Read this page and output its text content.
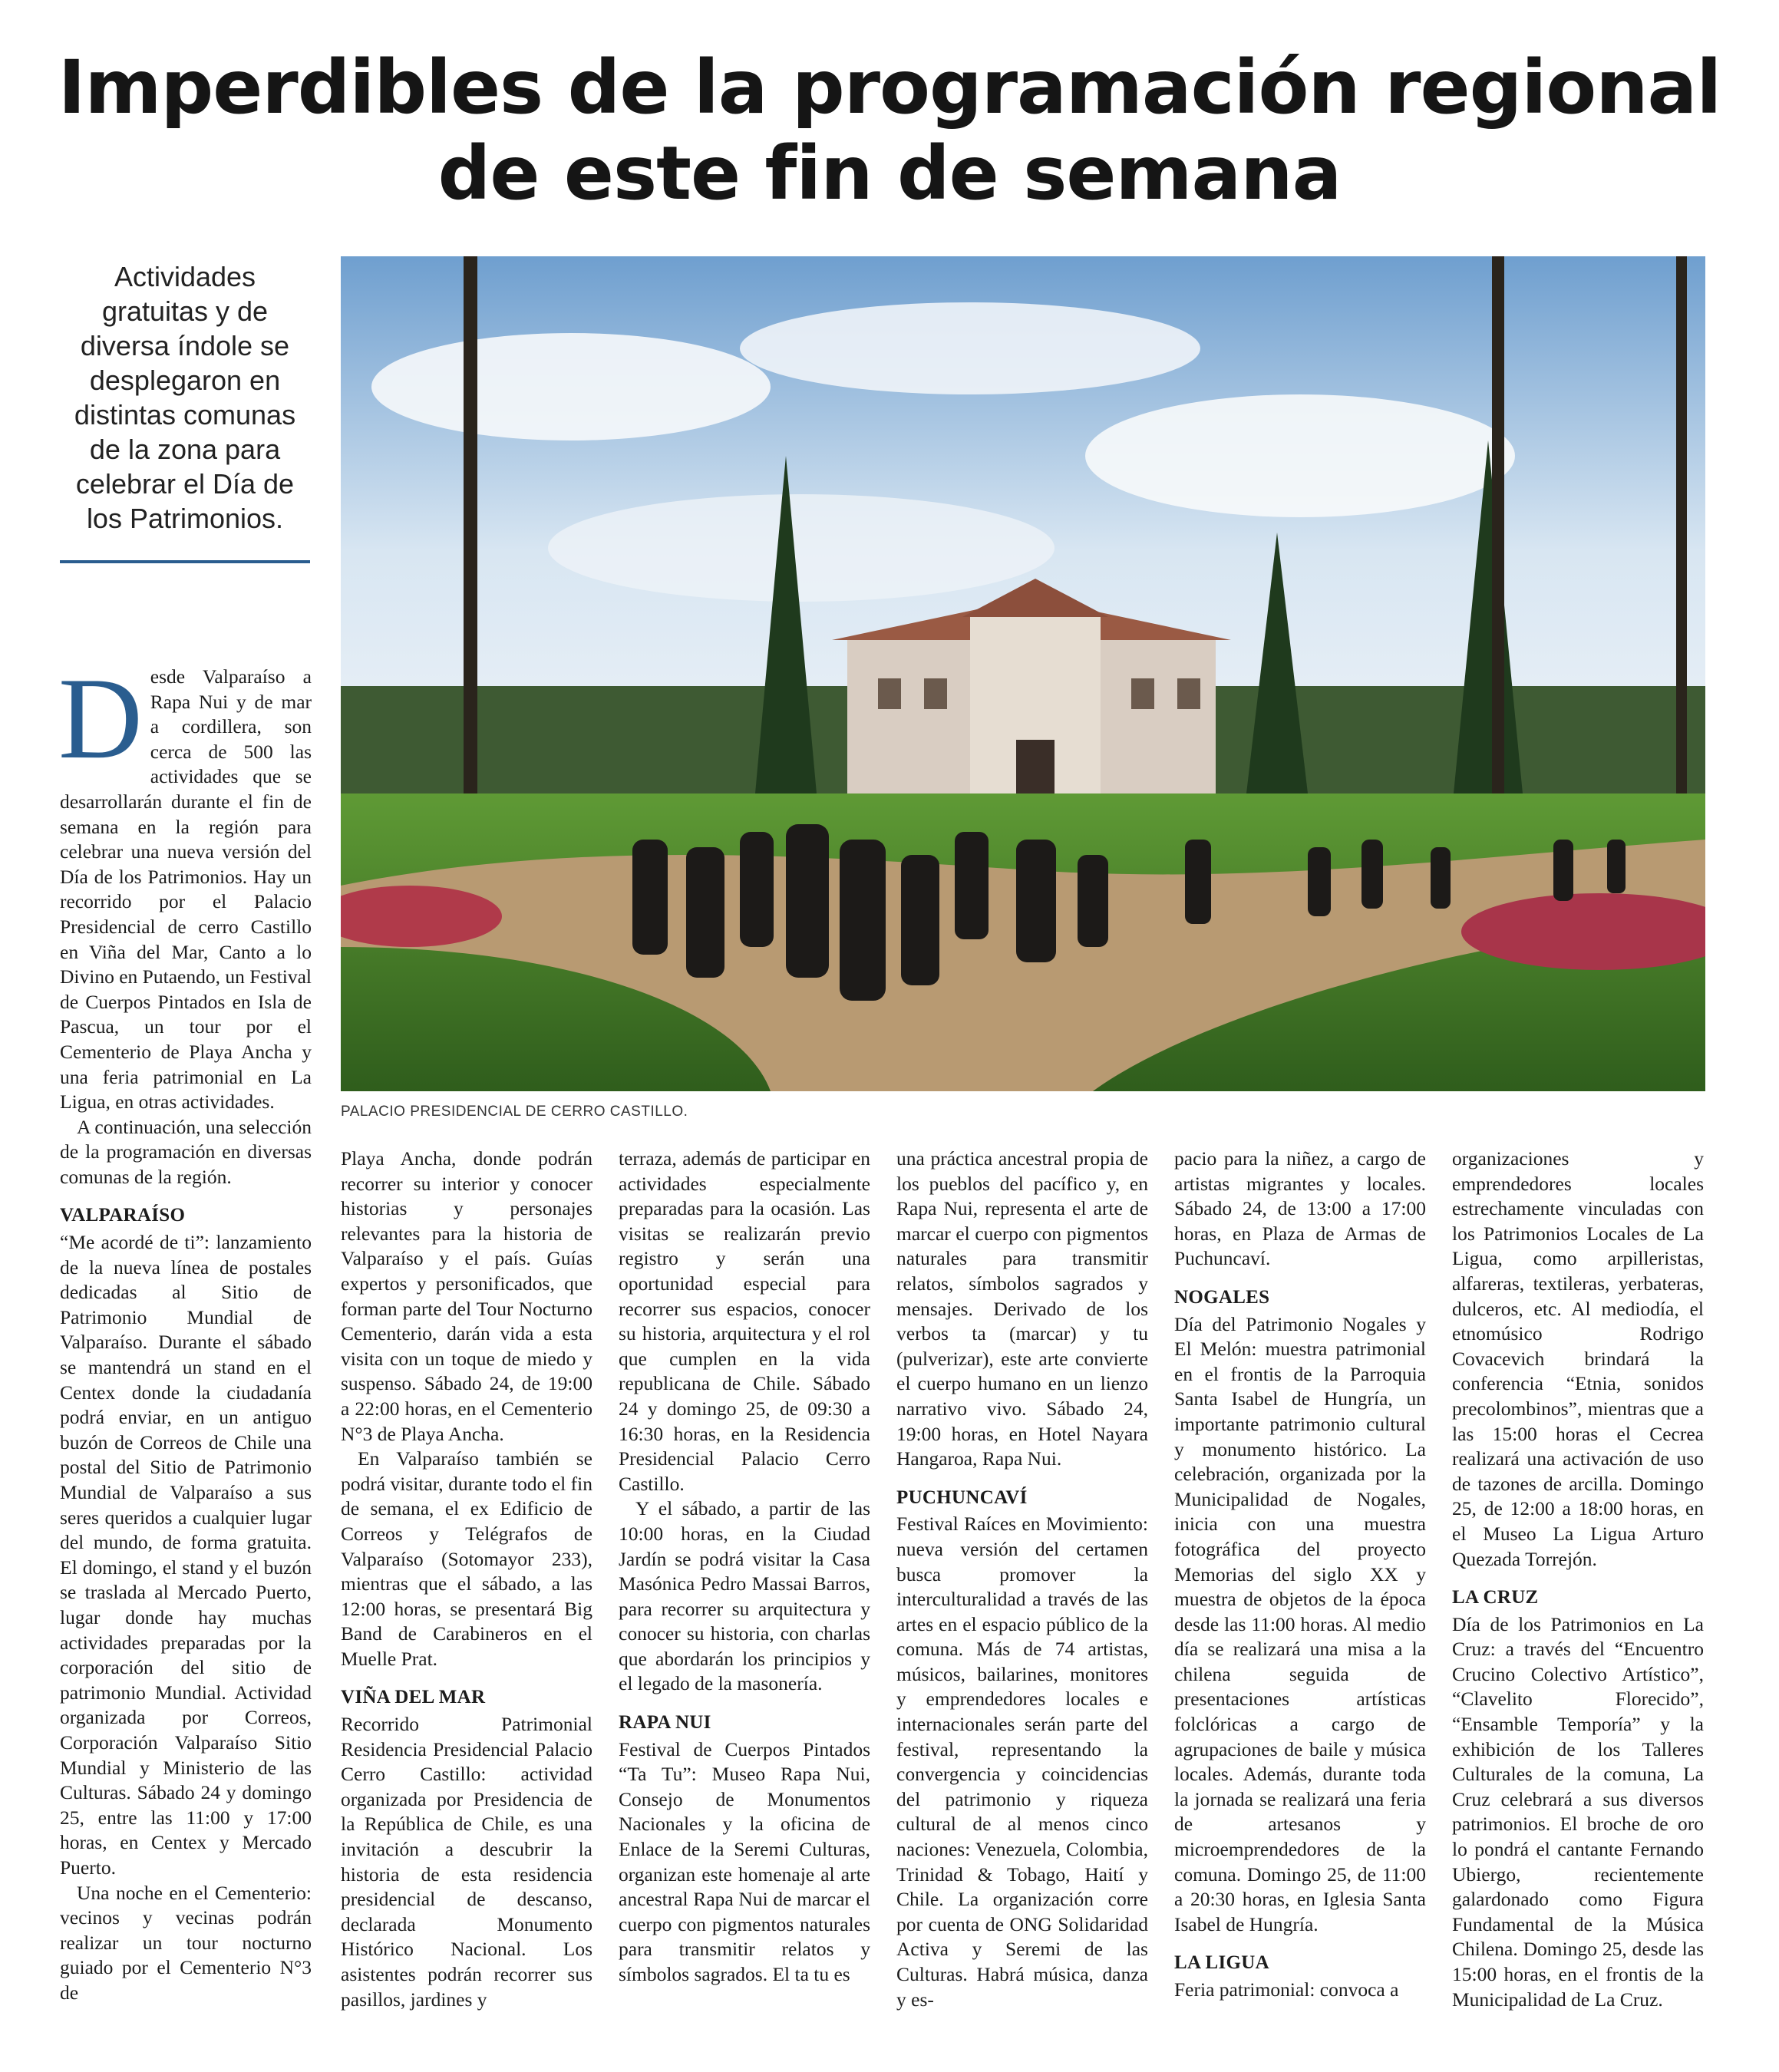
Imperdibles de la programación regional
de este fin de semana

Actividades gratuitas y de diversa índole se desplegaron en distintas comunas de la zona para celebrar el Día de los Patrimonios.

PALACIO PRESIDENCIAL DE CERRO CASTILLO.

Desde Valparaíso a Rapa Nui y de mar a cordillera, son cerca de 500 las actividades que se desarrollarán durante el fin de semana en la región para celebrar una nueva versión del Día de los Patrimonios. Hay un recorrido por el Palacio Presidencial de cerro Castillo en Viña del Mar, Canto a lo Divino en Putaendo, un Festival de Cuerpos Pintados en Isla de Pascua, un tour por el Cementerio de Playa Ancha y una feria patrimonial en La Ligua, en otras actividades.

A continuación, una selección de la programación en diversas comunas de la región.

VALPARAÍSO

“Me acordé de ti”: lanzamiento de la nueva línea de postales dedicadas al Sitio de Patrimonio Mundial de Valparaíso. Durante el sábado se mantendrá un stand en el Centex donde la ciudadanía podrá enviar, en un antiguo buzón de Correos de Chile una postal del Sitio de Patrimonio Mundial de Valparaíso a sus seres queridos a cualquier lugar del mundo, de forma gratuita. El domingo, el stand y el buzón se traslada al Mercado Puerto, lugar donde hay muchas actividades preparadas por la corporación del sitio de patrimonio Mundial. Actividad organizada por Correos, Corporación Valparaíso Sitio Mundial y Ministerio de las Culturas. Sábado 24 y domingo 25, entre las 11:00 y 17:00 horas, en Centex y Mercado Puerto.

Una noche en el Cementerio: vecinos y vecinas podrán realizar un tour nocturno guiado por el Cementerio N°3 de

Playa Ancha, donde podrán recorrer su interior y conocer historias y personajes relevantes para la historia de Valparaíso y el país. Guías expertos y personificados, que forman parte del Tour Nocturno Cementerio, darán vida a esta visita con un toque de miedo y suspenso. Sábado 24, de 19:00 a 22:00 horas, en el Cementerio N°3 de Playa Ancha.

En Valparaíso también se podrá visitar, durante todo el fin de semana, el ex Edificio de Correos y Telégrafos de Valparaíso (Sotomayor 233), mientras que el sábado, a las 12:00 horas, se presentará Big Band de Carabineros en el Muelle Prat.

VIÑA DEL MAR

Recorrido Patrimonial Residencia Presidencial Palacio Cerro Castillo: actividad organizada por Presidencia de la República de Chile, es una invitación a descubrir la historia de esta residencia presidencial de descanso, declarada Monumento Histórico Nacional. Los asistentes podrán recorrer sus pasillos, jardines y

terraza, además de participar en actividades especialmente preparadas para la ocasión. Las visitas se realizarán previo registro y serán una oportunidad especial para recorrer sus espacios, conocer su historia, arquitectura y el rol que cumplen en la vida republicana de Chile. Sábado 24 y domingo 25, de 09:30 a 16:30 horas, en la Residencia Presidencial Palacio Cerro Castillo.

Y el sábado, a partir de las 10:00 horas, en la Ciudad Jardín se podrá visitar la Casa Masónica Pedro Massai Barros, para recorrer su arquitectura y conocer su historia, con charlas que abordarán los principios y el legado de la masonería.

RAPA NUI

Festival de Cuerpos Pintados “Ta Tu”: Museo Rapa Nui, Consejo de Monumentos Nacionales y la oficina de Enlace de la Seremi Culturas, organizan este homenaje al arte ancestral Rapa Nui de marcar el cuerpo con pigmentos naturales para transmitir relatos y símbolos sagrados. El ta tu es

una práctica ancestral propia de los pueblos del pacífico y, en Rapa Nui, representa el arte de marcar el cuerpo con pigmentos naturales para transmitir relatos, símbolos sagrados y mensajes. Derivado de los verbos ta (marcar) y tu (pulverizar), este arte convierte el cuerpo humano en un lienzo narrativo vivo. Sábado 24, 19:00 horas, en Hotel Nayara Hangaroa, Rapa Nui.

PUCHUNCAVÍ

Festival Raíces en Movimiento: nueva versión del certamen busca promover la interculturalidad a través de las artes en el espacio público de la comuna. Más de 74 artistas, músicos, bailarines, monitores y emprendedores locales e internacionales serán parte del festival, representando la convergencia y coincidencias del patrimonio y riqueza cultural de al menos cinco naciones: Venezuela, Colombia, Trinidad & Tobago, Haití y Chile. La organización corre por cuenta de ONG Solidaridad Activa y Seremi de las Culturas. Habrá música, danza y es-

pacio para la niñez, a cargo de artistas migrantes y locales. Sábado 24, de 13:00 a 17:00 horas, en Plaza de Armas de Puchuncaví.

NOGALES

Día del Patrimonio Nogales y El Melón: muestra patrimonial en el frontis de la Parroquia Santa Isabel de Hungría, un importante patrimonio cultural y monumento histórico. La celebración, organizada por la Municipalidad de Nogales, inicia con una muestra fotográfica del proyecto Memorias del siglo XX y muestra de objetos de la época desde las 11:00 horas. Al medio día se realizará una misa a la chilena seguida de presentaciones artísticas folclóricas a cargo de agrupaciones de baile y música locales. Además, durante toda la jornada se realizará una feria de artesanos y microemprendedores de la comuna. Domingo 25, de 11:00 a 20:30 horas, en Iglesia Santa Isabel de Hungría.

LA LIGUA

Feria patrimonial: convoca a

organizaciones y emprendedores locales estrechamente vinculadas con los Patrimonios Locales de La Ligua, como arpilleristas, alfareras, textileras, yerbateras, dulceros, etc. Al mediodía, el etnomúsico Rodrigo Covacevich brindará la conferencia “Etnia, sonidos precolombinos”, mientras que a las 15:00 horas el Cecrea realizará una activación de uso de tazones de arcilla. Domingo 25, de 12:00 a 18:00 horas, en el Museo La Ligua Arturo Quezada Torrejón.

LA CRUZ

Día de los Patrimonios en La Cruz: a través del “Encuentro Crucino Colectivo Artístico”, “Clavelito Florecido”, “Ensamble Temporía” y la exhibición de los Talleres Culturales de la comuna, La Cruz celebrará a sus diversos patrimonios. El broche de oro lo pondrá el cantante Fernando Ubiergo, recientemente galardonado como Figura Fundamental de la Música Chilena. Domingo 25, desde las 15:00 horas, en el frontis de la Municipalidad de La Cruz.
